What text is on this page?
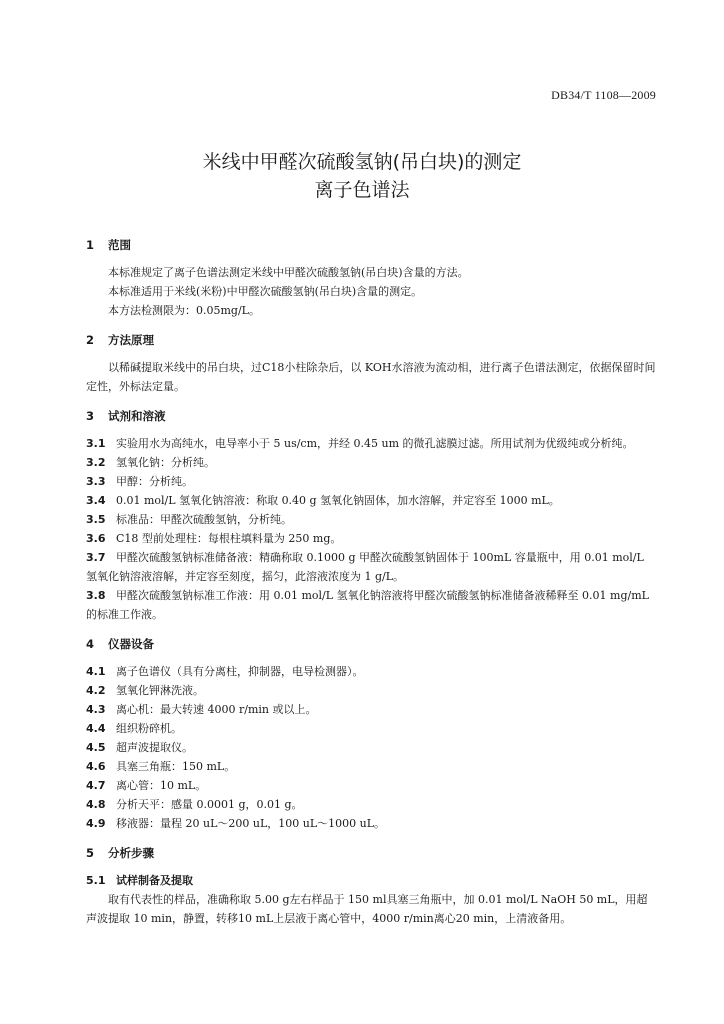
DB34/T 1108—2009
米线中甲醛次硫酸氢钠(吊白块)的测定
离子色谱法
1 范围

本标准规定了离子色谱法测定米线中甲醛次硫酸氢钠(吊白块)含量的方法。

本标准适用于米线(米粉)中甲醛次硫酸氢钠(吊白块)含量的测定。

本方法检测限为：0.05mg/L。

2 方法原理

以稀碱提取米线中的吊白块，过C18小柱除杂后，以 KOH水溶液为流动相，进行离子色谱法测定，依据保留时间定性，外标法定量。

3 试剂和溶液
3.1 实验用水为高纯水，电导率小于 5 us/cm，并经 0.45 um 的微孔滤膜过滤。所用试剂为优级纯或分析纯。
3.2 氢氧化钠：分析纯。
3.3 甲醇：分析纯。
3.4 0.01 mol/L 氢氧化钠溶液：称取 0.40 g 氢氧化钠固体，加水溶解，并定容至 1000 mL。
3.5 标准品：甲醛次硫酸氢钠，分析纯。
3.6 C18 型前处理柱：每根柱填料量为 250 mg。
3.7 甲醛次硫酸氢钠标准储备液：精确称取 0.1000 g 甲醛次硫酸氢钠固体于 100mL 容量瓶中，用 0.01 mol/L 氢氧化钠溶液溶解，并定容至刻度，摇匀，此溶液浓度为 1 g/L。
3.8 甲醛次硫酸氢钠标准工作液：用 0.01 mol/L 氢氧化钠溶液将甲醛次硫酸氢钠标准储备液稀释至 0.01 mg/mL 的标准工作液。
4 仪器设备
4.1 离子色谱仪（具有分离柱，抑制器，电导检测器）。
4.2 氢氧化钾淋洗液。
4.3 离心机：最大转速 4000 r/min 或以上。
4.4 组织粉碎机。
4.5 超声波提取仪。
4.6 具塞三角瓶：150 mL。
4.7 离心管：10 mL。
4.8 分析天平：感量 0.0001 g，0.01 g。
4.9 移液器：量程 20 uL～200 uL，100 uL～1000 uL。
5 分析步骤
5.1 试样制备及提取

取有代表性的样品，准确称取 5.00 g左右样品于 150 ml具塞三角瓶中，加 0.01 mol/L NaOH 50 mL，用超声波提取 10 min，静置，转移10 mL上层液于离心管中，4000 r/min离心20 min，上清液备用。
